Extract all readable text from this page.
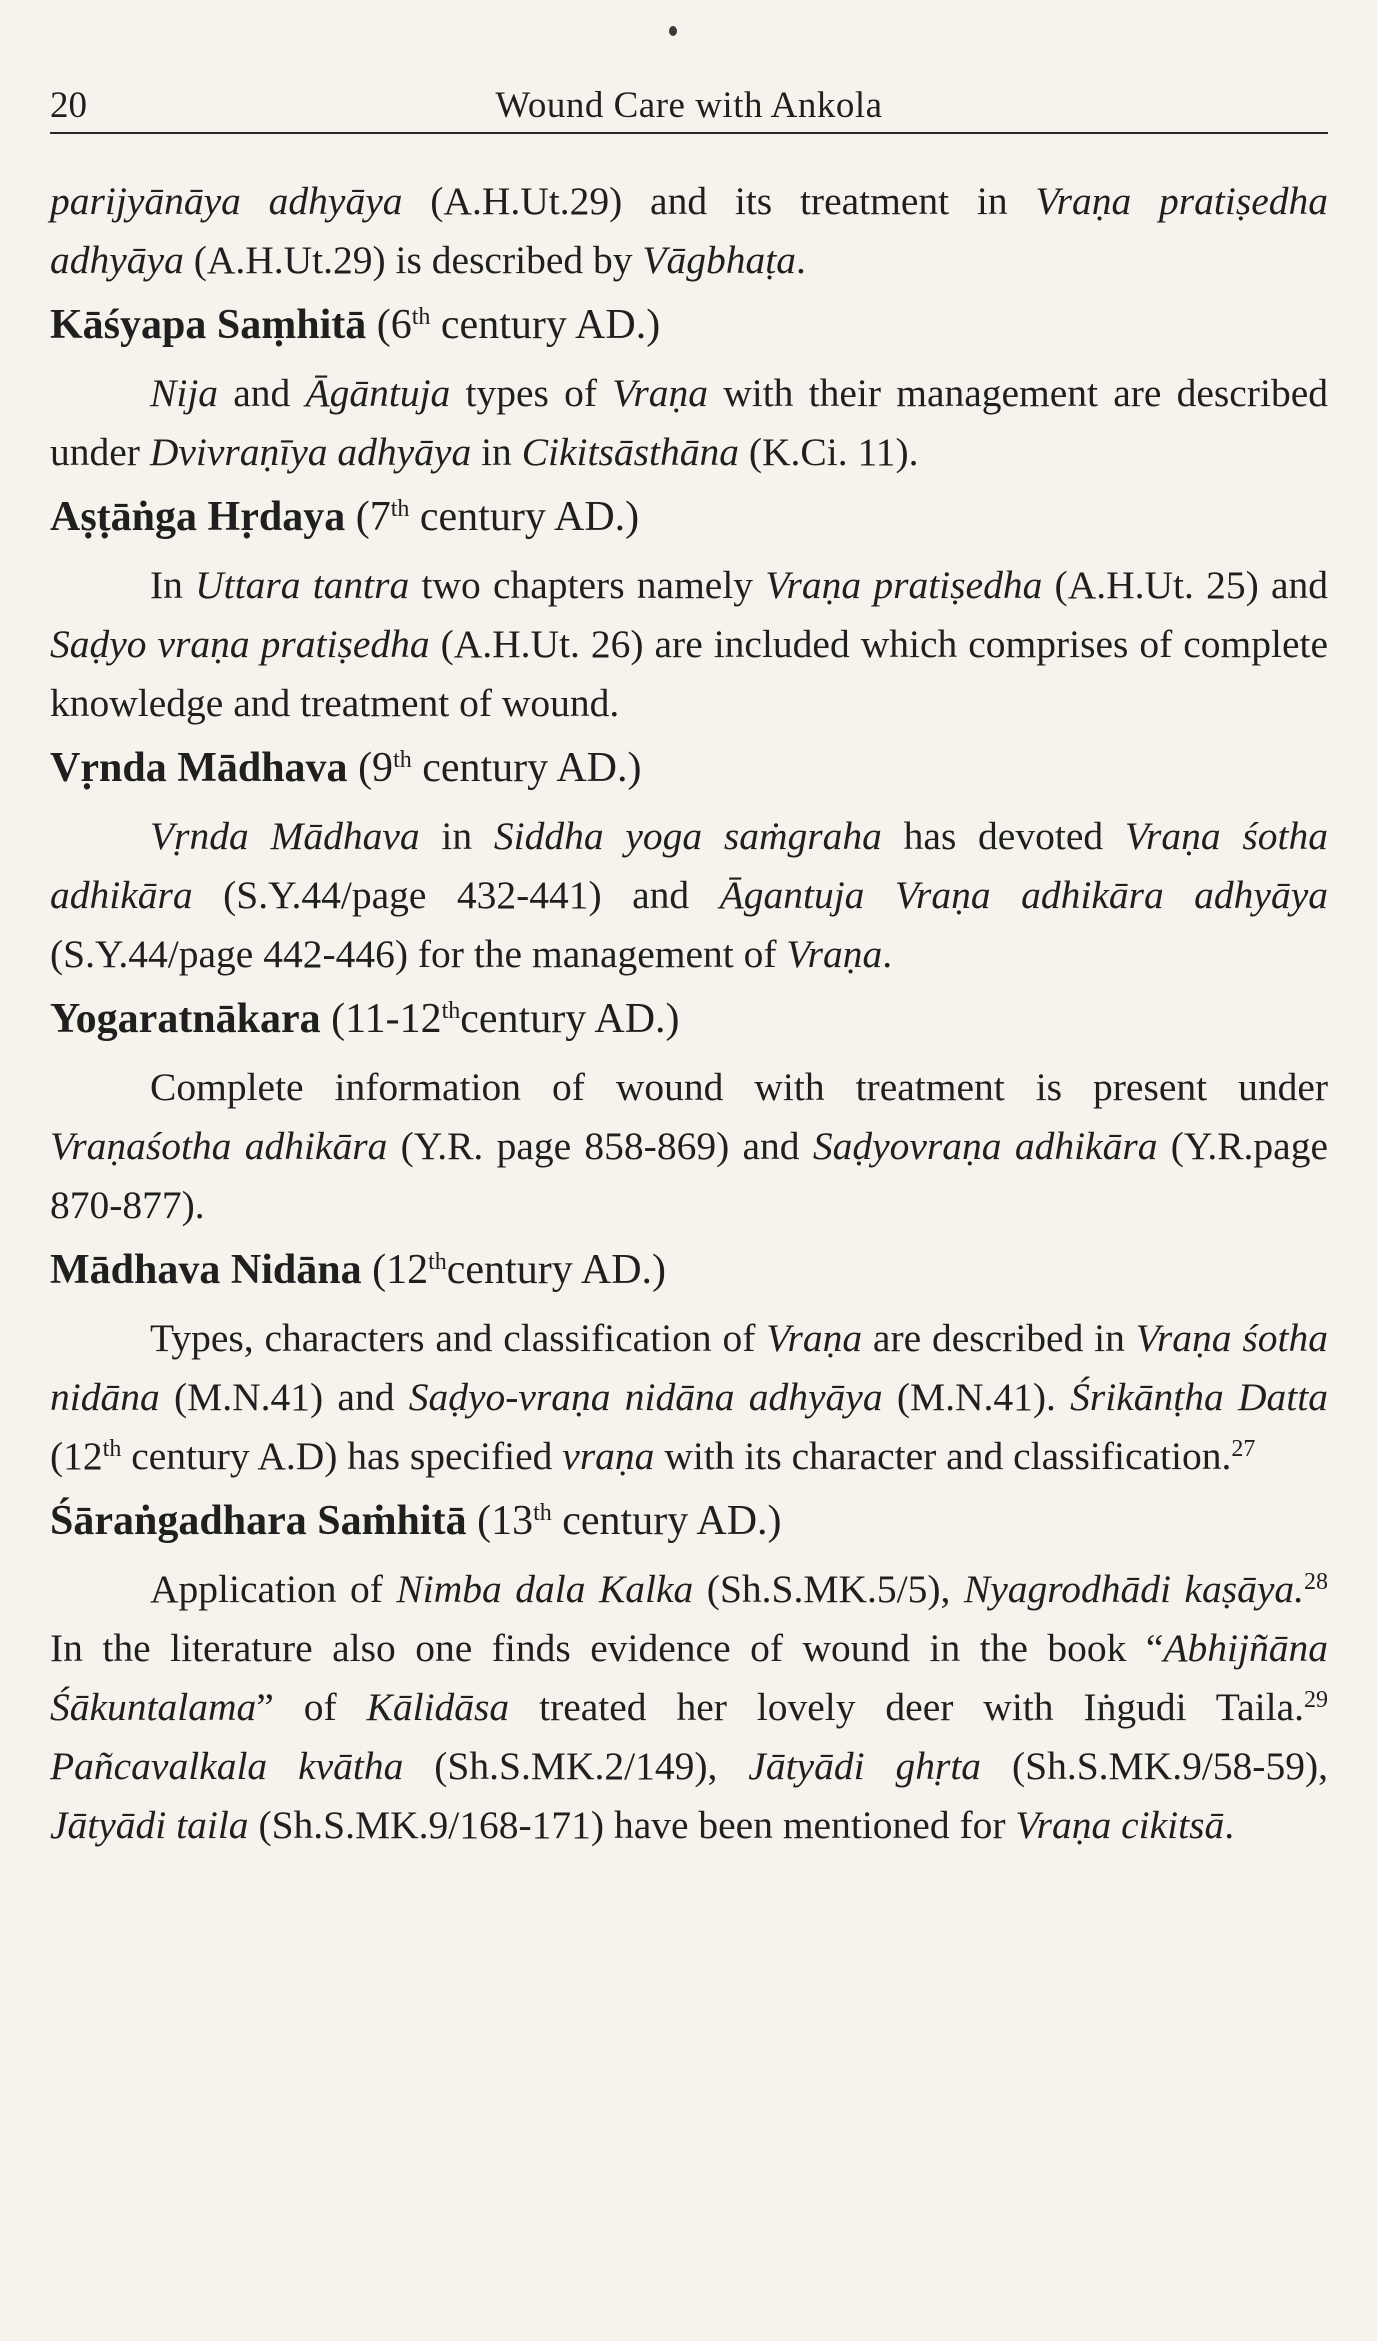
20	Wound Care with Ankola

parijyānāya adhyāya (A.H.Ut.29) and its treatment in Vraṇa pratiṣedha adhyāya (A.H.Ut.29) is described by Vāgbhaṭa.

Kāśyapa Saṃhitā (6th century AD.)

Nija and Āgāntuja types of Vraṇa with their management are described under Dvivraṇīya adhyāya in Cikitsāsthāna (K.Ci. 11).

Aṣṭāṅga Hṛdaya (7th century AD.)

In Uttara tantra two chapters namely Vraṇa pratiṣedha (A.H.Ut. 25) and Saḍyo vraṇa pratiṣedha (A.H.Ut. 26) are included which comprises of complete knowledge and treatment of wound.

Vṛnda Mādhava (9th century AD.)

Vṛnda Mādhava in Siddha yoga saṁgraha has devoted Vraṇa śotha adhikāra (S.Y.44/page 432-441) and Āgantuja Vraṇa adhikāra adhyāya (S.Y.44/page 442-446) for the management of Vraṇa.

Yogaratnākara (11-12thcentury AD.)

Complete information of wound with treatment is present under Vraṇaśotha adhikāra (Y.R. page 858-869) and Saḍyovraṇa adhikāra (Y.R.page 870-877).

Mādhava Nidāna (12thcentury AD.)

Types, characters and classification of Vraṇa are described in Vraṇa śotha nidāna (M.N.41) and Saḍyo-vraṇa nidāna adhyāya (M.N.41). Śrikānṭha Datta (12th century A.D) has specified vraṇa with its character and classification.$^{27}$

Śāraṅgadhara Saṁhitā (13th century AD.)

Application of Nimba dala Kalka (Sh.S.MK.5/5), Nyagrodhādi kaṣāya.$^{28}$ In the literature also one finds evidence of wound in the book “Abhijñāna Śākuntalama” of Kālidāsa treated her lovely deer with Iṅgudi Taila.$^{29}$ Pañcavalkala kvātha (Sh.S.MK.2/149), Jātyādi ghṛta (Sh.S.MK.9/58-59), Jātyādi taila (Sh.S.MK.9/168-171) have been mentioned for Vraṇa cikitsā.
